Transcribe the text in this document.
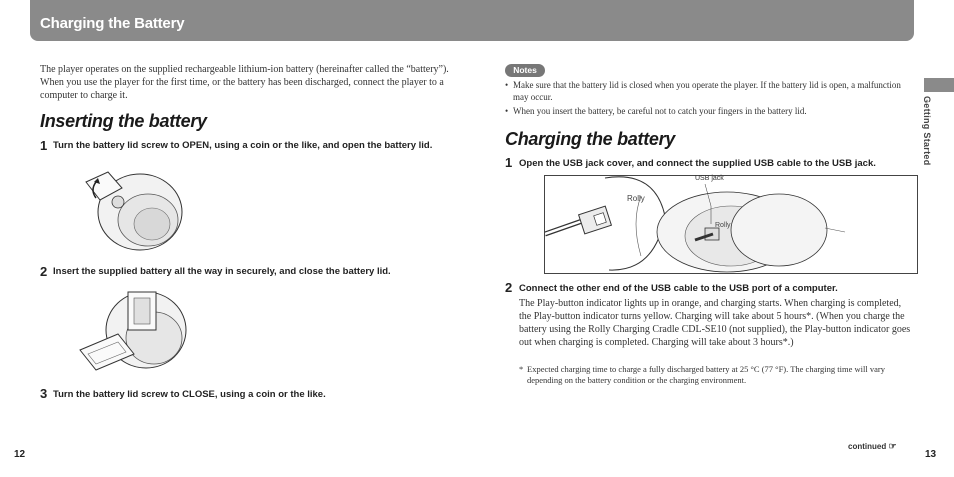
Charging the Battery
The player operates on the supplied rechargeable lithium-ion battery (hereinafter called the “battery”). When you use the player for the first time, or the battery has been discharged, connect the player to a computer to charge it.
Inserting the battery
1 Turn the battery lid screw to OPEN, using a coin or the like, and open the battery lid.
2 Insert the supplied battery all the way in securely, and close the battery lid.
3 Turn the battery lid screw to CLOSE, using a coin or the like.
12
Notes
• Make sure that the battery lid is closed when you operate the player. If the battery lid is open, a malfunction may occur.
• When you insert the battery, be careful not to catch your fingers in the battery lid.
Charging the battery
1 Open the USB jack cover, and connect the supplied USB cable to the USB jack.
USB jack
Rolly
Rolly
2 Connect the other end of the USB cable to the USB port of a computer.
The Play-button indicator lights up in orange, and charging starts. When charging is completed, the Play-button indicator turns yellow. Charging will take about 5 hours*. (When you charge the battery using the Rolly Charging Cradle CDL-SE10 (not supplied), the Play-button indicator goes out when charging is completed. Charging will take about 3 hours*.)
* Expected charging time to charge a fully discharged battery at 25 °C (77 °F). The charging time will vary depending on the battery condition or the charging environment.
Getting Started
continued ☞
13
